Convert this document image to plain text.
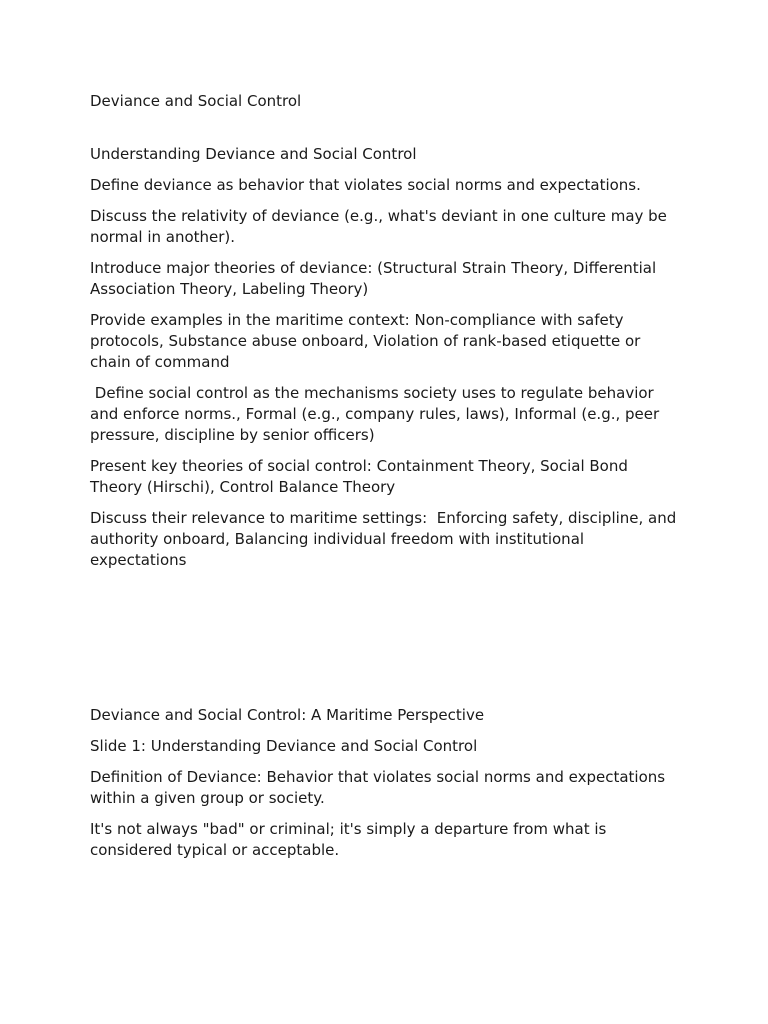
Deviance and Social Control

Understanding Deviance and Social Control

Define deviance as behavior that violates social norms and expectations.

Discuss the relativity of deviance (e.g., what's deviant in one culture may be normal in another).

Introduce major theories of deviance: (Structural Strain Theory, Differential Association Theory, Labeling Theory)

Provide examples in the maritime context: Non-compliance with safety protocols, Substance abuse onboard, Violation of rank-based etiquette or chain of command

Define social control as the mechanisms society uses to regulate behavior and enforce norms., Formal (e.g., company rules, laws), Informal (e.g., peer pressure, discipline by senior officers)

Present key theories of social control: Containment Theory, Social Bond Theory (Hirschi), Control Balance Theory

Discuss their relevance to maritime settings:  Enforcing safety, discipline, and authority onboard, Balancing individual freedom with institutional expectations

Deviance and Social Control: A Maritime Perspective

Slide 1: Understanding Deviance and Social Control

Definition of Deviance: Behavior that violates social norms and expectations within a given group or society.

It's not always "bad" or criminal; it's simply a departure from what is considered typical or acceptable.
